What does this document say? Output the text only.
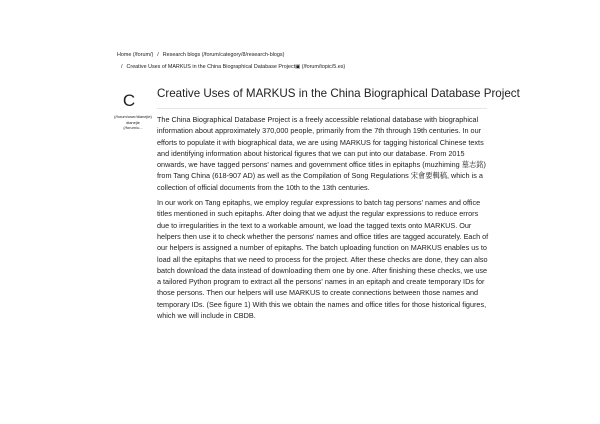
Home (/forum/) / Research blogs (/forum/category/8/research-blogs)
/ Creative Uses of MARKUS in the China Biographical Database Project▣ (/forum/topic/5.es)
C
(/forum/user/dianejie)
dianejie
(/forum/u...
Creative Uses of MARKUS in the China Biographical Database Project

The China Biographical Database Project is a freely accessible relational database with biographical information about approximately 370,000 people, primarily from the 7th through 19th centuries. In our efforts to populate it with biographical data, we are using MARKUS for tagging historical Chinese texts and identifying information about historical figures that we can put into our database. From 2015 onwards, we have tagged persons' names and government office titles in epitaphs (muzhiming 墓志銘) from Tang China (618-907 AD) as well as the Compilation of Song Regulations 宋會要輯稿, which is a collection of official documents from the 10th to the 13th centuries.

In our work on Tang epitaphs, we employ regular expressions to batch tag persons' names and office titles mentioned in such epitaphs. After doing that we adjust the regular expressions to reduce errors due to irregularities in the text to a workable amount, we load the tagged texts onto MARKUS. Our helpers then use it to check whether the persons' names and office titles are tagged accurately. Each of our helpers is assigned a number of epitaphs. The batch uploading function on MARKUS enables us to load all the epitaphs that we need to process for the project. After these checks are done, they can also batch download the data instead of downloading them one by one. After finishing these checks, we use a tailored Python program to extract all the persons' names in an epitaph and create temporary IDs for those persons. Then our helpers will use MARKUS to create connections between those names and temporary IDs. (See figure 1) With this we obtain the names and office titles for those historical figures, which we will include in CBDB.
